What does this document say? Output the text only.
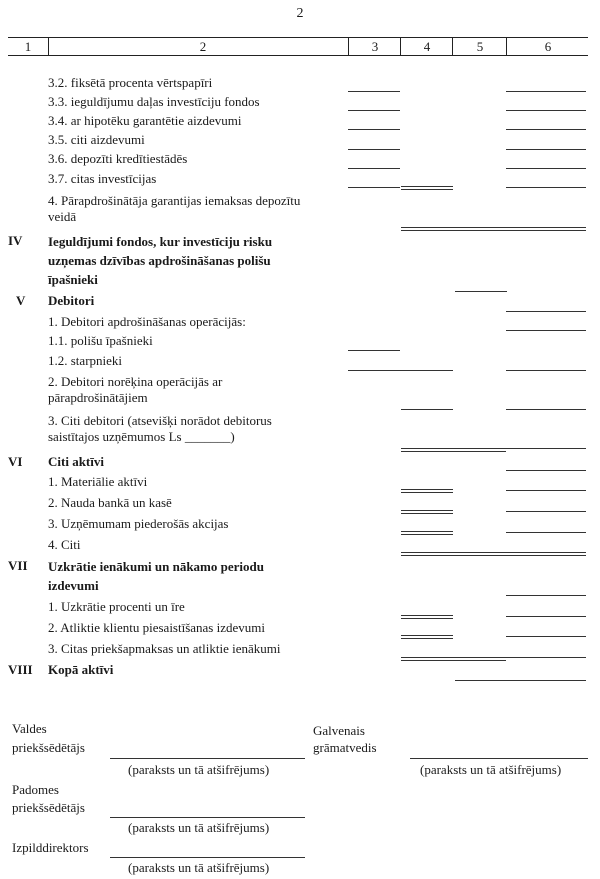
2
1	2	3	4	5	6
3.2. fiksētā procenta vērtspapīri
3.3. ieguldījumu daļas investīciju fondos
3.4. ar hipotēku garantētie aizdevumi
3.5. citi aizdevumi
3.6. depozīti kredītiestādēs
3.7. citas investīcijas
4. Pārapdrošinātāja garantijas iemaksas depozītu
veidā
IV Ieguldījumi fondos, kur investīciju risku
uzņemas dzīvības apdrošināšanas polišu
īpašnieki
V Debitori
1. Debitori apdrošināšanas operācijās:
1.1. polišu īpašnieki
1.2. starpnieki
2. Debitori norēķina operācijās ar
pārapdrošinātājiem
3. Citi debitori (atsevišķi norādot debitorus
saistītajos uzņēmumos Ls _______)
VI Citi aktīvi
1. Materiālie aktīvi
2. Nauda bankā un kasē
3. Uzņēmumam piederošās akcijas
4. Citi
VII Uzkrātie ienākumi un nākamo periodu
izdevumi
1. Uzkrātie procenti un īre
2. Atliktie klientu piesaistīšanas izdevumi
3. Citas priekšapmaksas un atliktie ienākumi
VIII Kopā aktīvi
Valdes
priekšsēdētājs
(paraksts un tā atšifrējums)
Galvenais
grāmatvedis
(paraksts un tā atšifrējums)
Padomes
priekšsēdētājs
(paraksts un tā atšifrējums)
Izpilddirektors
(paraksts un tā atšifrējums)
